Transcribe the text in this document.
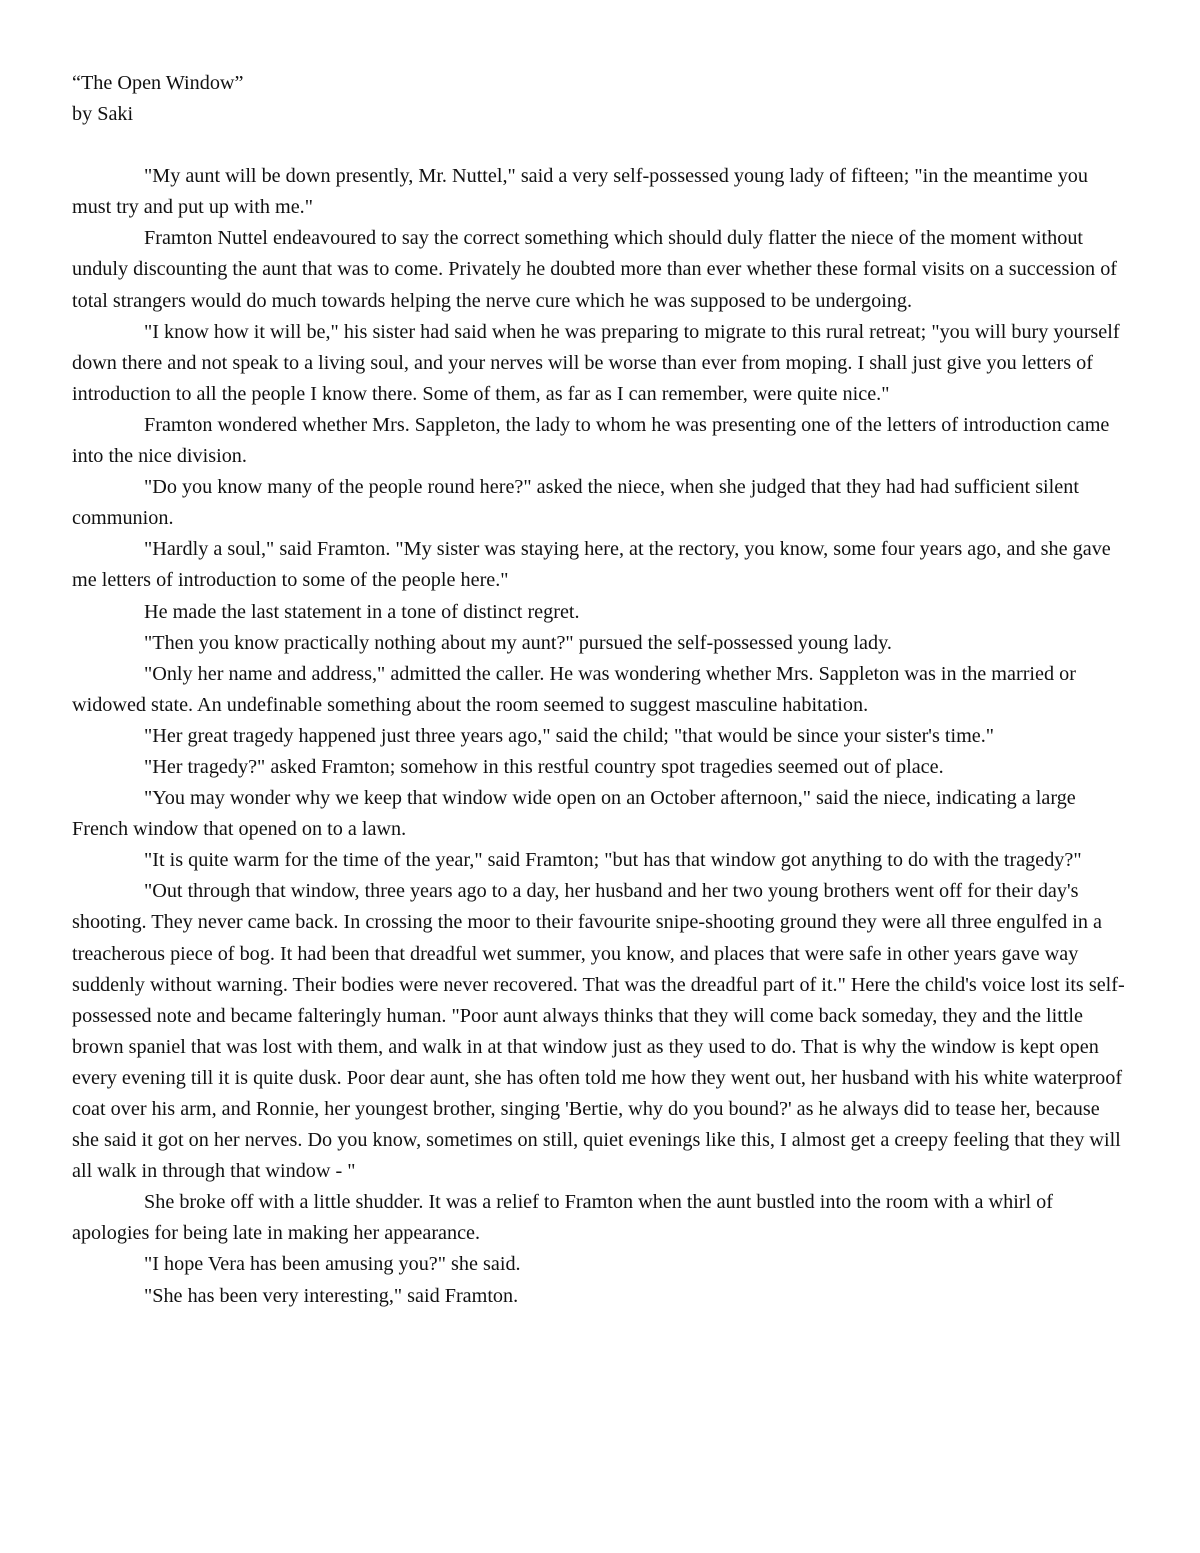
“The Open Window”

by Saki

"My aunt will be down presently, Mr. Nuttel," said a very self-possessed young lady of fifteen; "in the meantime you must try and put up with me."

Framton Nuttel endeavoured to say the correct something which should duly flatter the niece of the moment without unduly discounting the aunt that was to come. Privately he doubted more than ever whether these formal visits on a succession of total strangers would do much towards helping the nerve cure which he was supposed to be undergoing.

"I know how it will be," his sister had said when he was preparing to migrate to this rural retreat; "you will bury yourself down there and not speak to a living soul, and your nerves will be worse than ever from moping. I shall just give you letters of introduction to all the people I know there. Some of them, as far as I can remember, were quite nice."

Framton wondered whether Mrs. Sappleton, the lady to whom he was presenting one of the letters of introduction came into the nice division.

"Do you know many of the people round here?" asked the niece, when she judged that they had had sufficient silent communion.

"Hardly a soul," said Framton. "My sister was staying here, at the rectory, you know, some four years ago, and she gave me letters of introduction to some of the people here."

He made the last statement in a tone of distinct regret.

"Then you know practically nothing about my aunt?" pursued the self-possessed young lady.

"Only her name and address," admitted the caller. He was wondering whether Mrs. Sappleton was in the married or widowed state. An undefinable something about the room seemed to suggest masculine habitation.

"Her great tragedy happened just three years ago," said the child; "that would be since your sister's time."

"Her tragedy?" asked Framton; somehow in this restful country spot tragedies seemed out of place.

"You may wonder why we keep that window wide open on an October afternoon," said the niece, indicating a large French window that opened on to a lawn.

"It is quite warm for the time of the year," said Framton; "but has that window got anything to do with the tragedy?"

"Out through that window, three years ago to a day, her husband and her two young brothers went off for their day's shooting. They never came back. In crossing the moor to their favourite snipe-shooting ground they were all three engulfed in a treacherous piece of bog. It had been that dreadful wet summer, you know, and places that were safe in other years gave way suddenly without warning. Their bodies were never recovered. That was the dreadful part of it." Here the child's voice lost its self-possessed note and became falteringly human. "Poor aunt always thinks that they will come back someday, they and the little brown spaniel that was lost with them, and walk in at that window just as they used to do. That is why the window is kept open every evening till it is quite dusk. Poor dear aunt, she has often told me how they went out, her husband with his white waterproof coat over his arm, and Ronnie, her youngest brother, singing 'Bertie, why do you bound?' as he always did to tease her, because she said it got on her nerves. Do you know, sometimes on still, quiet evenings like this, I almost get a creepy feeling that they will all walk in through that window - "

She broke off with a little shudder. It was a relief to Framton when the aunt bustled into the room with a whirl of apologies for being late in making her appearance.

"I hope Vera has been amusing you?" she said.

"She has been very interesting," said Framton.
